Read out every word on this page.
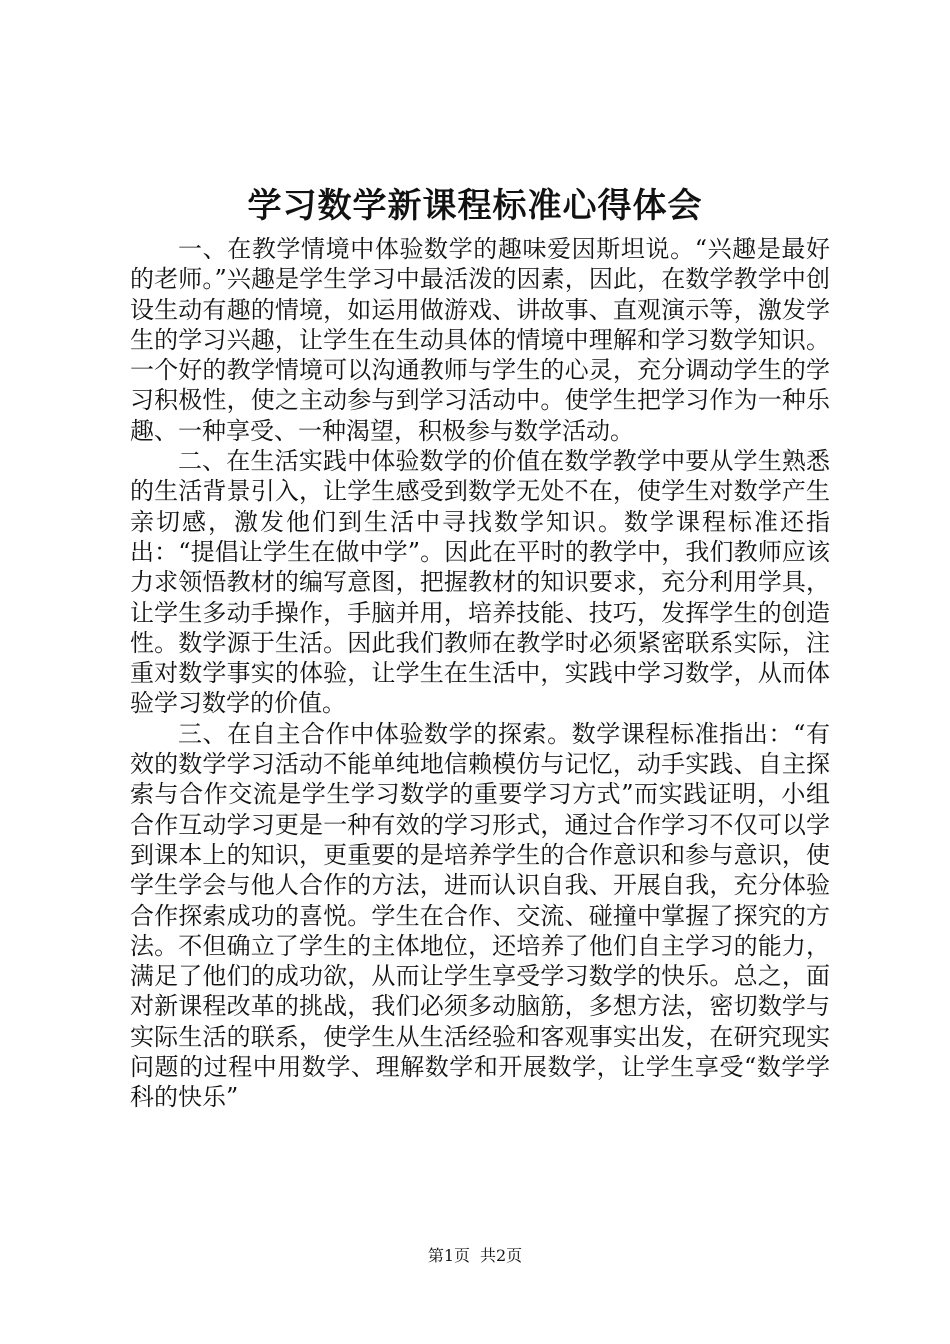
学习数学新课程标准心得体会

一、在教学情境中体验数学的趣味爱因斯坦说。“兴趣是最好的老师。”兴趣是学生学习中最活泼的因素，因此，在数学教学中创设生动有趣的情境，如运用做游戏、讲故事、直观演示等，激发学生的学习兴趣，让学生在生动具体的情境中理解和学习数学知识。一个好的教学情境可以沟通教师与学生的心灵，充分调动学生的学习积极性，使之主动参与到学习活动中。使学生把学习作为一种乐趣、一种享受、一种渴望，积极参与数学活动。

二、在生活实践中体验数学的价值在数学教学中要从学生熟悉的生活背景引入，让学生感受到数学无处不在，使学生对数学产生亲切感，激发他们到生活中寻找数学知识。数学课程标准还指出：“提倡让学生在做中学”。因此在平时的教学中，我们教师应该力求领悟教材的编写意图，把握教材的知识要求，充分利用学具，让学生多动手操作，手脑并用，培养技能、技巧，发挥学生的创造性。数学源于生活。因此我们教师在教学时必须紧密联系实际，注重对数学事实的体验，让学生在生活中，实践中学习数学，从而体验学习数学的价值。

三、在自主合作中体验数学的探索。数学课程标准指出：“有效的数学学习活动不能单纯地信赖模仿与记忆，动手实践、自主探索与合作交流是学生学习数学的重要学习方式”而实践证明，小组合作互动学习更是一种有效的学习形式，通过合作学习不仅可以学到课本上的知识，更重要的是培养学生的合作意识和参与意识，使学生学会与他人合作的方法，进而认识自我、开展自我，充分体验合作探索成功的喜悦。学生在合作、交流、碰撞中掌握了探究的方法。不但确立了学生的主体地位，还培养了他们自主学习的能力，满足了他们的成功欲，从而让学生享受学习数学的快乐。总之，面对新课程改革的挑战，我们必须多动脑筋，多想方法，密切数学与实际生活的联系，使学生从生活经验和客观事实出发，在研究现实问题的过程中用数学、理解数学和开展数学，让学生享受“数学学科的快乐”

第1页 共2页
